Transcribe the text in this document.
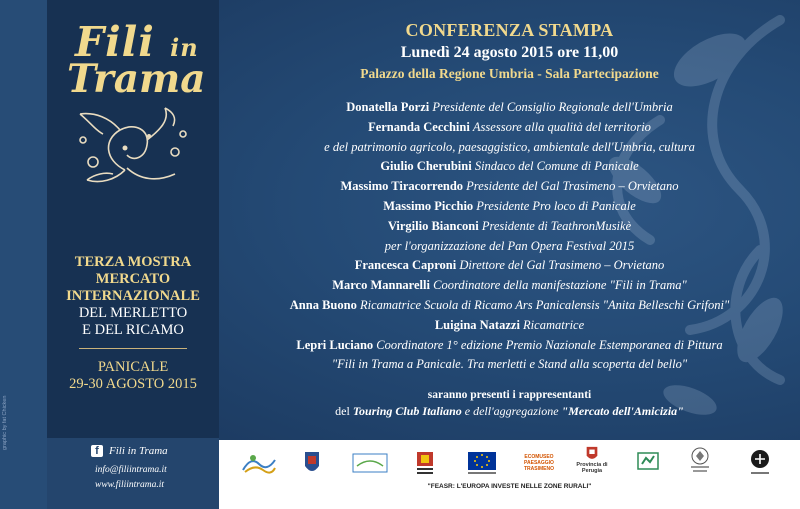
graphic by fat Chicken
Fili in
Trama
TERZA MOSTRA
MERCATO
INTERNAZIONALE
DEL MERLETTO
E DEL RICAMO
PANICALE
29-30 AGOSTO 2015
f Fili in Trama
info@filiintrama.it
www.filiintrama.it
CONFERENZA STAMPA
Lunedì 24 agosto 2015 ore 11,00
Palazzo della Regione Umbria - Sala Partecipazione
Donatella Porzi Presidente del Consiglio Regionale dell'Umbria
Fernanda Cecchini Assessore alla qualità del territorio
e del patrimonio agricolo, paesaggistico, ambientale dell'Umbria, cultura
Giulio Cherubini Sindaco del Comune di Panicale
Massimo Tiracorrendo Presidente del Gal Trasimeno – Orvietano
Massimo Picchio Presidente Pro loco di Panicale
Virgilio Bianconi Presidente di TeathronMusikè
per l'organizzazione del Pan Opera Festival 2015
Francesca Caproni Direttore del Gal Trasimeno – Orvietano
Marco Mannarelli Coordinatore della manifestazione "Fili in Trama"
Anna Buono Ricamatrice Scuola di Ricamo Ars Panicalensis "Anita Belleschi Grifoni"
Luigina Natazzi Ricamatrice
Lepri Luciano Coordinatore 1° edizione Premio Nazionale Estemporanea di Pittura
"Fili in Trama a Panicale. Tra merletti e Stand alla scoperta del bello"
saranno presenti i rappresentanti
del Touring Club Italiano e dell'aggregazione "Mercato dell'Amicizia"
ECOMUSEO PAESAGGIO TRASIMENO
Provincia di Perugia
"FEASR: L'EUROPA INVESTE NELLE ZONE RURALI"
